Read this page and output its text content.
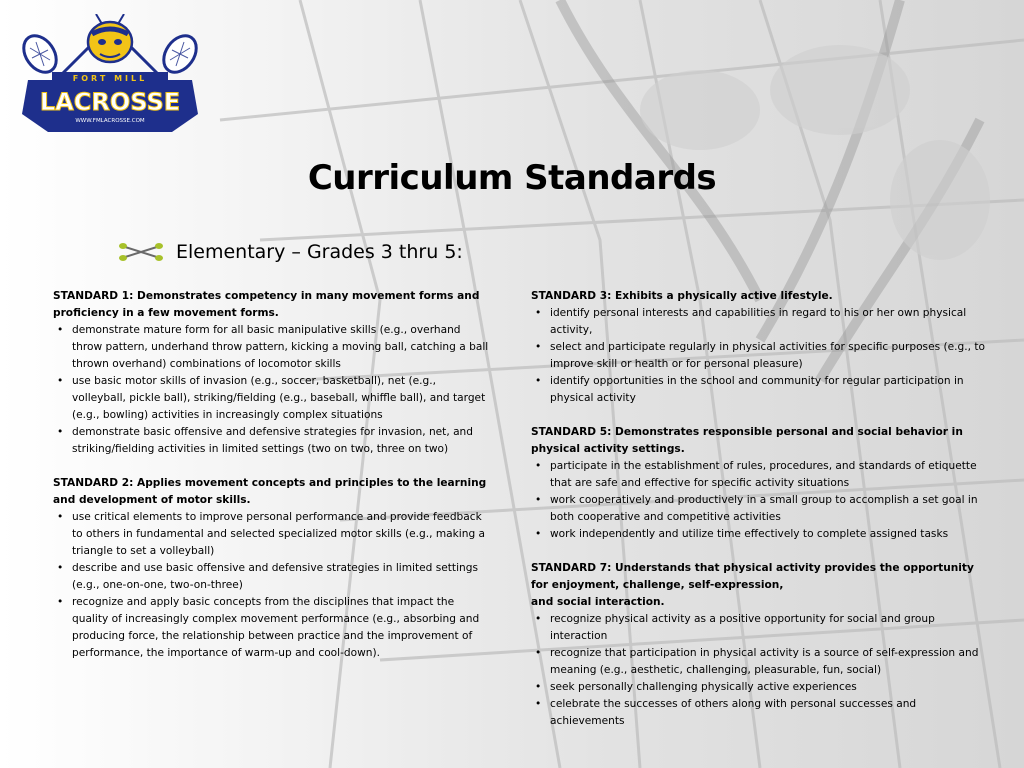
FORT MILL
LACROSSE
WWW.FMLACROSSE.COM
Curriculum Standards
Elementary – Grades 3 thru 5:
STANDARD 1: Demonstrates competency in many movement forms and proficiency in a few movement forms.
• demonstrate mature form for all basic manipulative skills (e.g., overhand throw pattern, underhand throw pattern, kicking a moving ball, catching a ball thrown overhand) combinations of locomotor skills
• use basic motor skills of invasion (e.g., soccer, basketball), net (e.g., volleyball, pickle ball), striking/fielding (e.g., baseball, whiffle ball), and target (e.g., bowling) activities in increasingly complex situations
• demonstrate basic offensive and defensive strategies for invasion, net, and striking/fielding activities in limited settings (two on two, three on two)
STANDARD 2: Applies movement concepts and principles to the learning and development of motor skills.
• use critical elements to improve personal performance and provide feedback to others in fundamental and selected specialized motor skills (e.g., making a triangle to set a volleyball)
• describe and use basic offensive and defensive strategies in limited settings (e.g., one-on-one, two-on-three)
• recognize and apply basic concepts from the disciplines that impact the quality of increasingly complex movement performance (e.g., absorbing and producing force, the relationship between practice and the improvement of performance, the importance of warm-up and cool-down).
STANDARD 3: Exhibits a physically active lifestyle.
• identify personal interests and capabilities in regard to his or her own physical activity,
• select and participate regularly in physical activities for specific purposes (e.g., to improve skill or health or for personal pleasure)
• identify opportunities in the school and community for regular participation in physical activity
STANDARD 5: Demonstrates responsible personal and social behavior in physical activity settings.
• participate in the establishment of rules, procedures, and standards of etiquette that are safe and effective for specific activity situations
• work cooperatively and productively in a small group to accomplish a set goal in both cooperative and competitive activities
• work independently and utilize time effectively to complete assigned tasks
STANDARD 7: Understands that physical activity provides the opportunity for enjoyment, challenge, self-expression,
and social interaction.
• recognize physical activity as a positive opportunity for social and group interaction
• recognize that participation in physical activity is a source of self-expression and meaning (e.g., aesthetic, challenging, pleasurable, fun, social)
• seek personally challenging physically active experiences
• celebrate the successes of others along with personal successes and achievements
